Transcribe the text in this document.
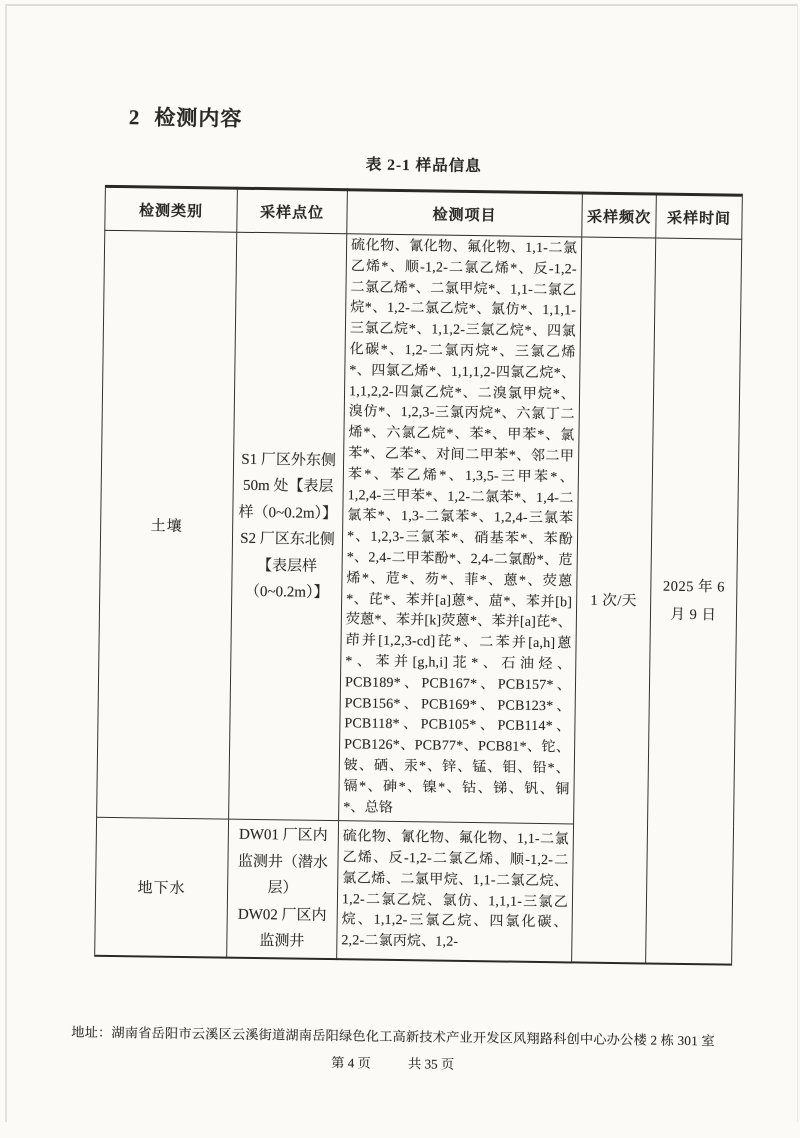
2 检测内容
表 2-1 样品信息
检测类别	采样点位	检测项目	采样频次	采样时间
土壤	S1 厂区外东侧
50m 处【表层
样（0~0.2m）】
S2 厂区东北侧
【表层样
（0~0.2m）】	硫化物、氰化物、氟化物、1,1-二氯乙烯*、顺-1,2-二氯乙烯*、反-1,2-二氯乙烯*、二氯甲烷*、1,1-二氯乙烷*、1,2-二氯乙烷*、氯仿*、1,1,1-三氯乙烷*、1,1,2-三氯乙烷*、四氯化碳*、1,2-二氯丙烷*、三氯乙烯*、四氯乙烯*、1,1,1,2-四氯乙烷*、1,1,2,2-四氯乙烷*、二溴氯甲烷*、溴仿*、1,2,3-三氯丙烷*、六氯丁二烯*、六氯乙烷*、苯*、甲苯*、氯苯*、乙苯*、对间二甲苯*、邻二甲苯*、苯乙烯*、1,3,5-三甲苯*、1,2,4-三甲苯*、1,2-二氯苯*、1,4-二氯苯*、1,3-二氯苯*、1,2,4-三氯苯*、1,2,3-三氯苯*、硝基苯*、苯酚*、2,4-二甲苯酚*、2,4-二氯酚*、苊烯*、苊*、芴*、菲*、蒽*、荧蒽*、芘*、苯并[a]蒽*、䓛*、苯并[b]荧蒽*、苯并[k]荧蒽*、苯并[a]芘*、茚并[1,2,3-cd]芘*、二苯并[a,h]蒽*、苯并[g,h,i]苝*、石油烃、PCB189*、PCB167*、PCB157*、PCB156*、PCB169*、PCB123*、PCB118*、PCB105*、PCB114*、PCB126*、PCB77*、PCB81*、铊、铍、硒、汞*、锌、锰、钼、铅*、镉*、砷*、镍*、钴、锑、钒、铜*、总铬	1 次/天	2025 年 6
月 9 日
地下水	DW01 厂区内
监测井（潜水
层）
DW02 厂区内
监测井	硫化物、氰化物、氟化物、1,1-二氯乙烯、反-1,2-二氯乙烯、顺-1,2-二氯乙烯、二氯甲烷、1,1-二氯乙烷、1,2-二氯乙烷、氯仿、1,1,1-三氯乙烷、1,1,2-三氯乙烷、四氯化碳、2,2-二氯丙烷、1,2-		
地址：湖南省岳阳市云溪区云溪街道湖南岳阳绿色化工高新技术产业开发区风翔路科创中心办公楼 2 栋 301 室
第 4 页	共 35 页
